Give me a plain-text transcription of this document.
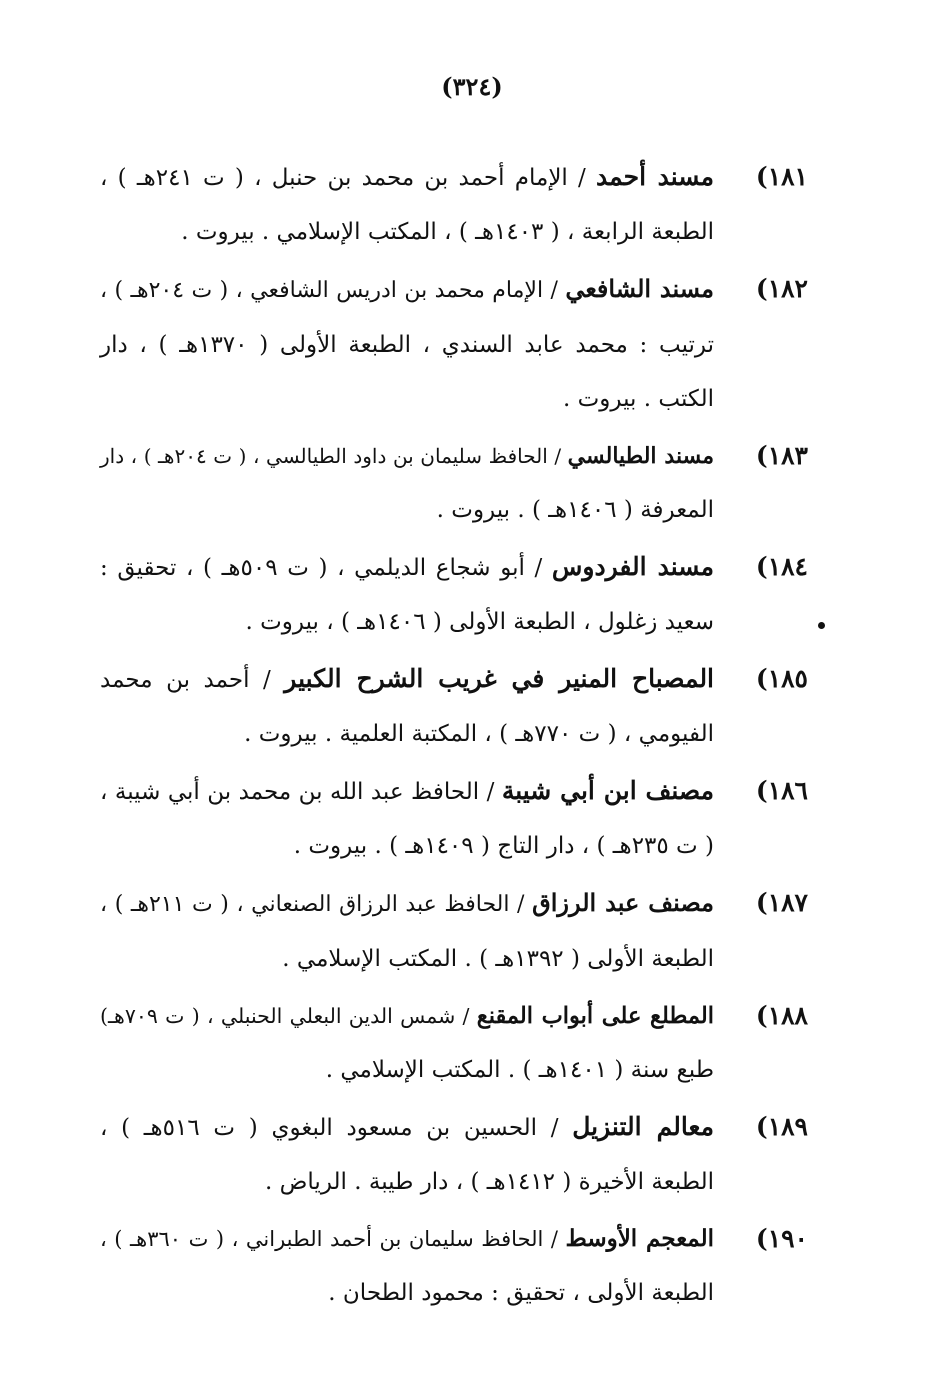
(٣٢٤)
١٨١)
مسند أحمد / الإمام أحمد بن محمد بن حنبل ، ( ت ٢٤١هـ ) ،
الطبعة الرابعة ، ( ١٤٠٣هـ ) ، المكتب الإسلامي . بيروت .
١٨٢)
مسند الشافعي / الإمام محمد بن ادريس الشافعي ، ( ت ٢٠٤هـ ) ،
ترتيب : محمد عابد السندي ، الطبعة الأولى ( ١٣٧٠هـ ) ، دار
الكتب . بيروت .
١٨٣)
مسند الطيالسي / الحافظ سليمان بن داود الطيالسي ، ( ت ٢٠٤هـ ) ، دار
المعرفة ( ١٤٠٦هـ ) . بيروت .
١٨٤)
مسند الفردوس / أبو شجاع الديلمي ، ( ت ٥٠٩هـ ) ، تحقيق :
سعيد زغلول ، الطبعة الأولى ( ١٤٠٦هـ ) ، بيروت .
١٨٥)
المصباح المنير في غريب الشرح الكبير / أحمد بن محمد
الفيومي ، ( ت ٧٧٠هـ ) ، المكتبة العلمية . بيروت .
١٨٦)
مصنف ابن أبي شيبة / الحافظ عبد الله بن محمد بن أبي شيبة ،
( ت ٢٣٥هـ ) ، دار التاج ( ١٤٠٩هـ ) . بيروت .
١٨٧)
مصنف عبد الرزاق / الحافظ عبد الرزاق الصنعاني ، ( ت ٢١١هـ ) ،
الطبعة الأولى ( ١٣٩٢هـ ) . المكتب الإسلامي .
١٨٨)
المطلع على أبواب المقنع / شمس الدين البعلي الحنبلي ، ( ت ٧٠٩هـ)
طبع سنة ( ١٤٠١هـ ) . المكتب الإسلامي .
١٨٩)
معالم التنزيل / الحسين بن مسعود البغوي ( ت ٥١٦هـ ) ،
الطبعة الأخيرة ( ١٤١٢هـ ) ، دار طيبة . الرياض .
١٩٠)
المعجم الأوسط / الحافظ سليمان بن أحمد الطبراني ، ( ت ٣٦٠هـ ) ،
الطبعة الأولى ، تحقيق : محمود الطحان .
